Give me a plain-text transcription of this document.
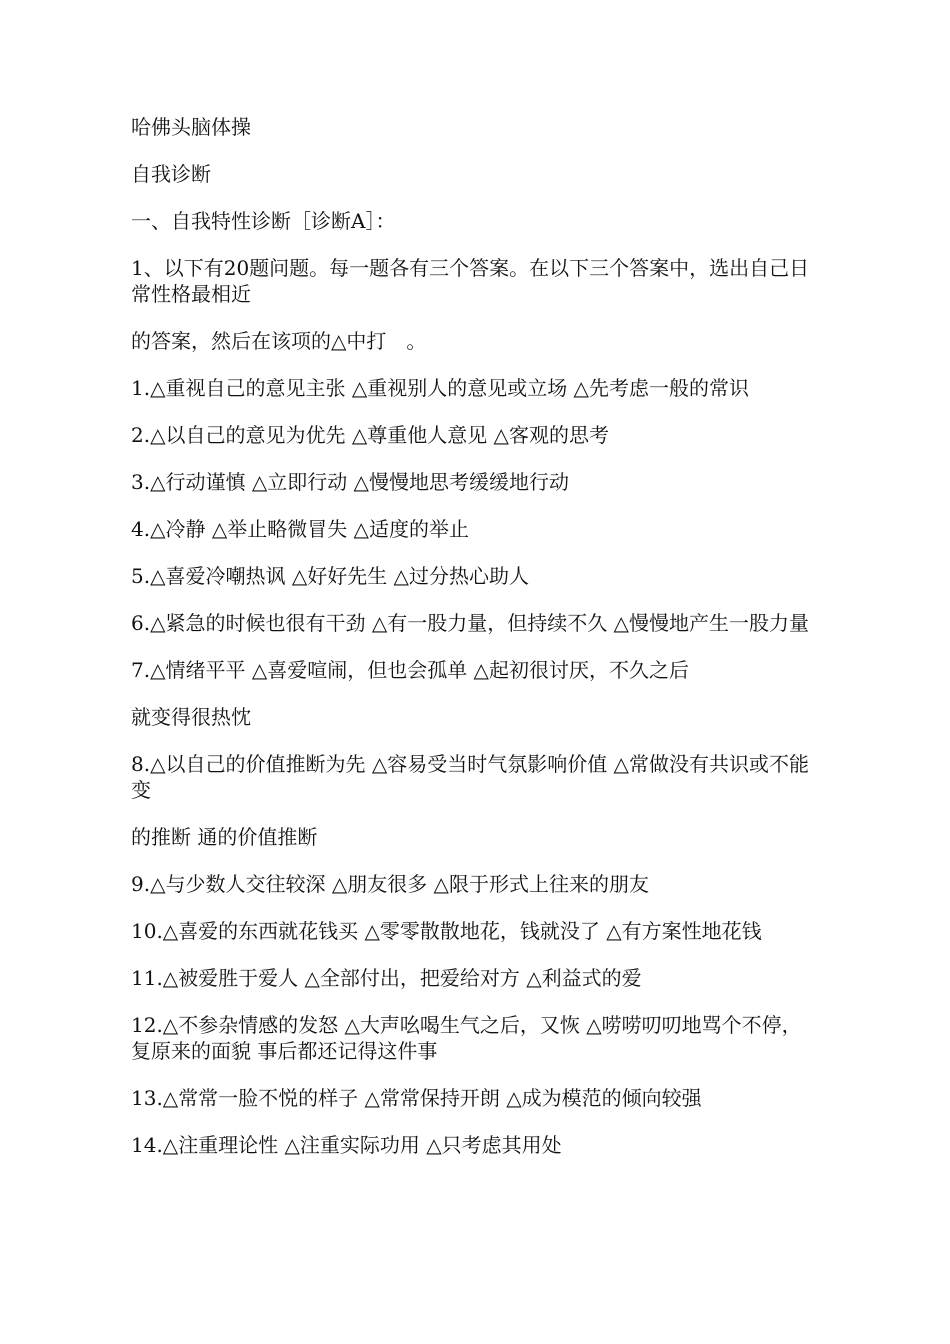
哈佛头脑体操

自我诊断

一、自我特性诊断［诊断A］：

1、以下有20题问题。每一题各有三个答案。在以下三个答案中，选出自己日常性格最相近

的答案，然后在该项的△中打　。

1.△重视自己的意见主张 △重视别人的意见或立场 △先考虑一般的常识

2.△以自己的意见为优先 △尊重他人意见 △客观的思考

3.△行动谨慎 △立即行动 △慢慢地思考缓缓地行动

4.△冷静 △举止略微冒失 △适度的举止

5.△喜爱冷嘲热讽 △好好先生 △过分热心助人

6.△紧急的时候也很有干劲 △有一股力量，但持续不久 △慢慢地产生一股力量

7.△情绪平平 △喜爱喧闹，但也会孤单 △起初很讨厌，不久之后

就变得很热忱

8.△以自己的价值推断为先 △容易受当时气氛影响价值 △常做没有共识或不能变

的推断 通的价值推断

9.△与少数人交往较深 △朋友很多 △限于形式上往来的朋友

10.△喜爱的东西就花钱买 △零零散散地花，钱就没了 △有方案性地花钱

11.△被爱胜于爱人 △全部付出，把爱给对方 △利益式的爱

12.△不参杂情感的发怒 △大声吆喝生气之后，又恢 △唠唠叨叨地骂个不停，复原来的面貌 事后都还记得这件事

13.△常常一脸不悦的样子 △常常保持开朗 △成为模范的倾向较强

14.△注重理论性 △注重实际功用 △只考虑其用处
